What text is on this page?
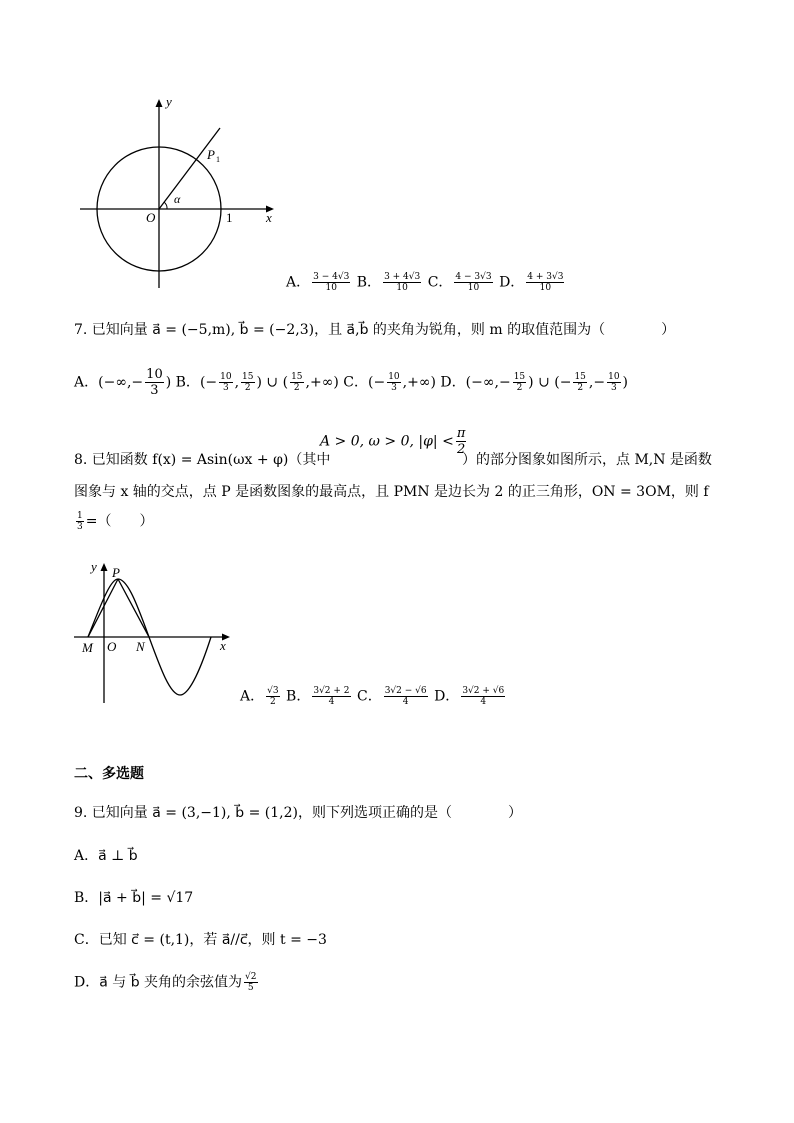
y
x
O	1
P 1
α
A． $\frac{3 - 4√3}{10}$ B． $\frac{3 + 4√3}{10}$ C． $\frac{4 - 3√3}{10}$ D． $\frac{4 + 3√3}{10}$
7. 已知向量 a⃗ = (−5,m), b⃗ = (−2,3)，且 a⃗,b⃗ 的夹角为锐角，则 m 的取值范围为（　　　　）
A．(−∞,− $\frac{10}{3}$ ) B．(− $\frac{10}{3}$ , $\frac{15}{2}$ ) ∪ ( $\frac{15}{2}$ ,+∞) C．(− $\frac{10}{3}$ ,+∞) D．(−∞,− $\frac{15}{2}$ ) ∪ (− $\frac{15}{2}$ ,− $\frac{10}{3}$ )
A > 0, ω > 0, $|\varphi| < \frac{\pi}{2}$
8. 已知函数 f(x) = Asin(ωx + φ)（其中	）的部分图象如图所示，点 M,N 是函数
图象与 x 轴的交点，点 P 是函数图象的最高点，且 PMN 是边长为 2 的正三角形，ON = 3OM，则 f
$\frac{1}{3}$ =（　　）
y
x
P
M O N
A． $\frac{√3}{2}$ B． $\frac{3√2 + 2}{4}$ C． $\frac{3√2 - √6}{4}$ D． $\frac{3√2 + √6}{4}$
二、多选题
9. 已知向量 a⃗ = (3,−1), b⃗ = (1,2)，则下列选项正确的是（　　　　）
A．a⃗ ⊥ b⃗
B．|a⃗ + b⃗| = √17
C．已知 c⃗ = (t,1)，若 a⃗//c⃗，则 t = −3
D．a⃗ 与 b⃗ 夹角的余弦值为 $\frac{√2}{5}$
